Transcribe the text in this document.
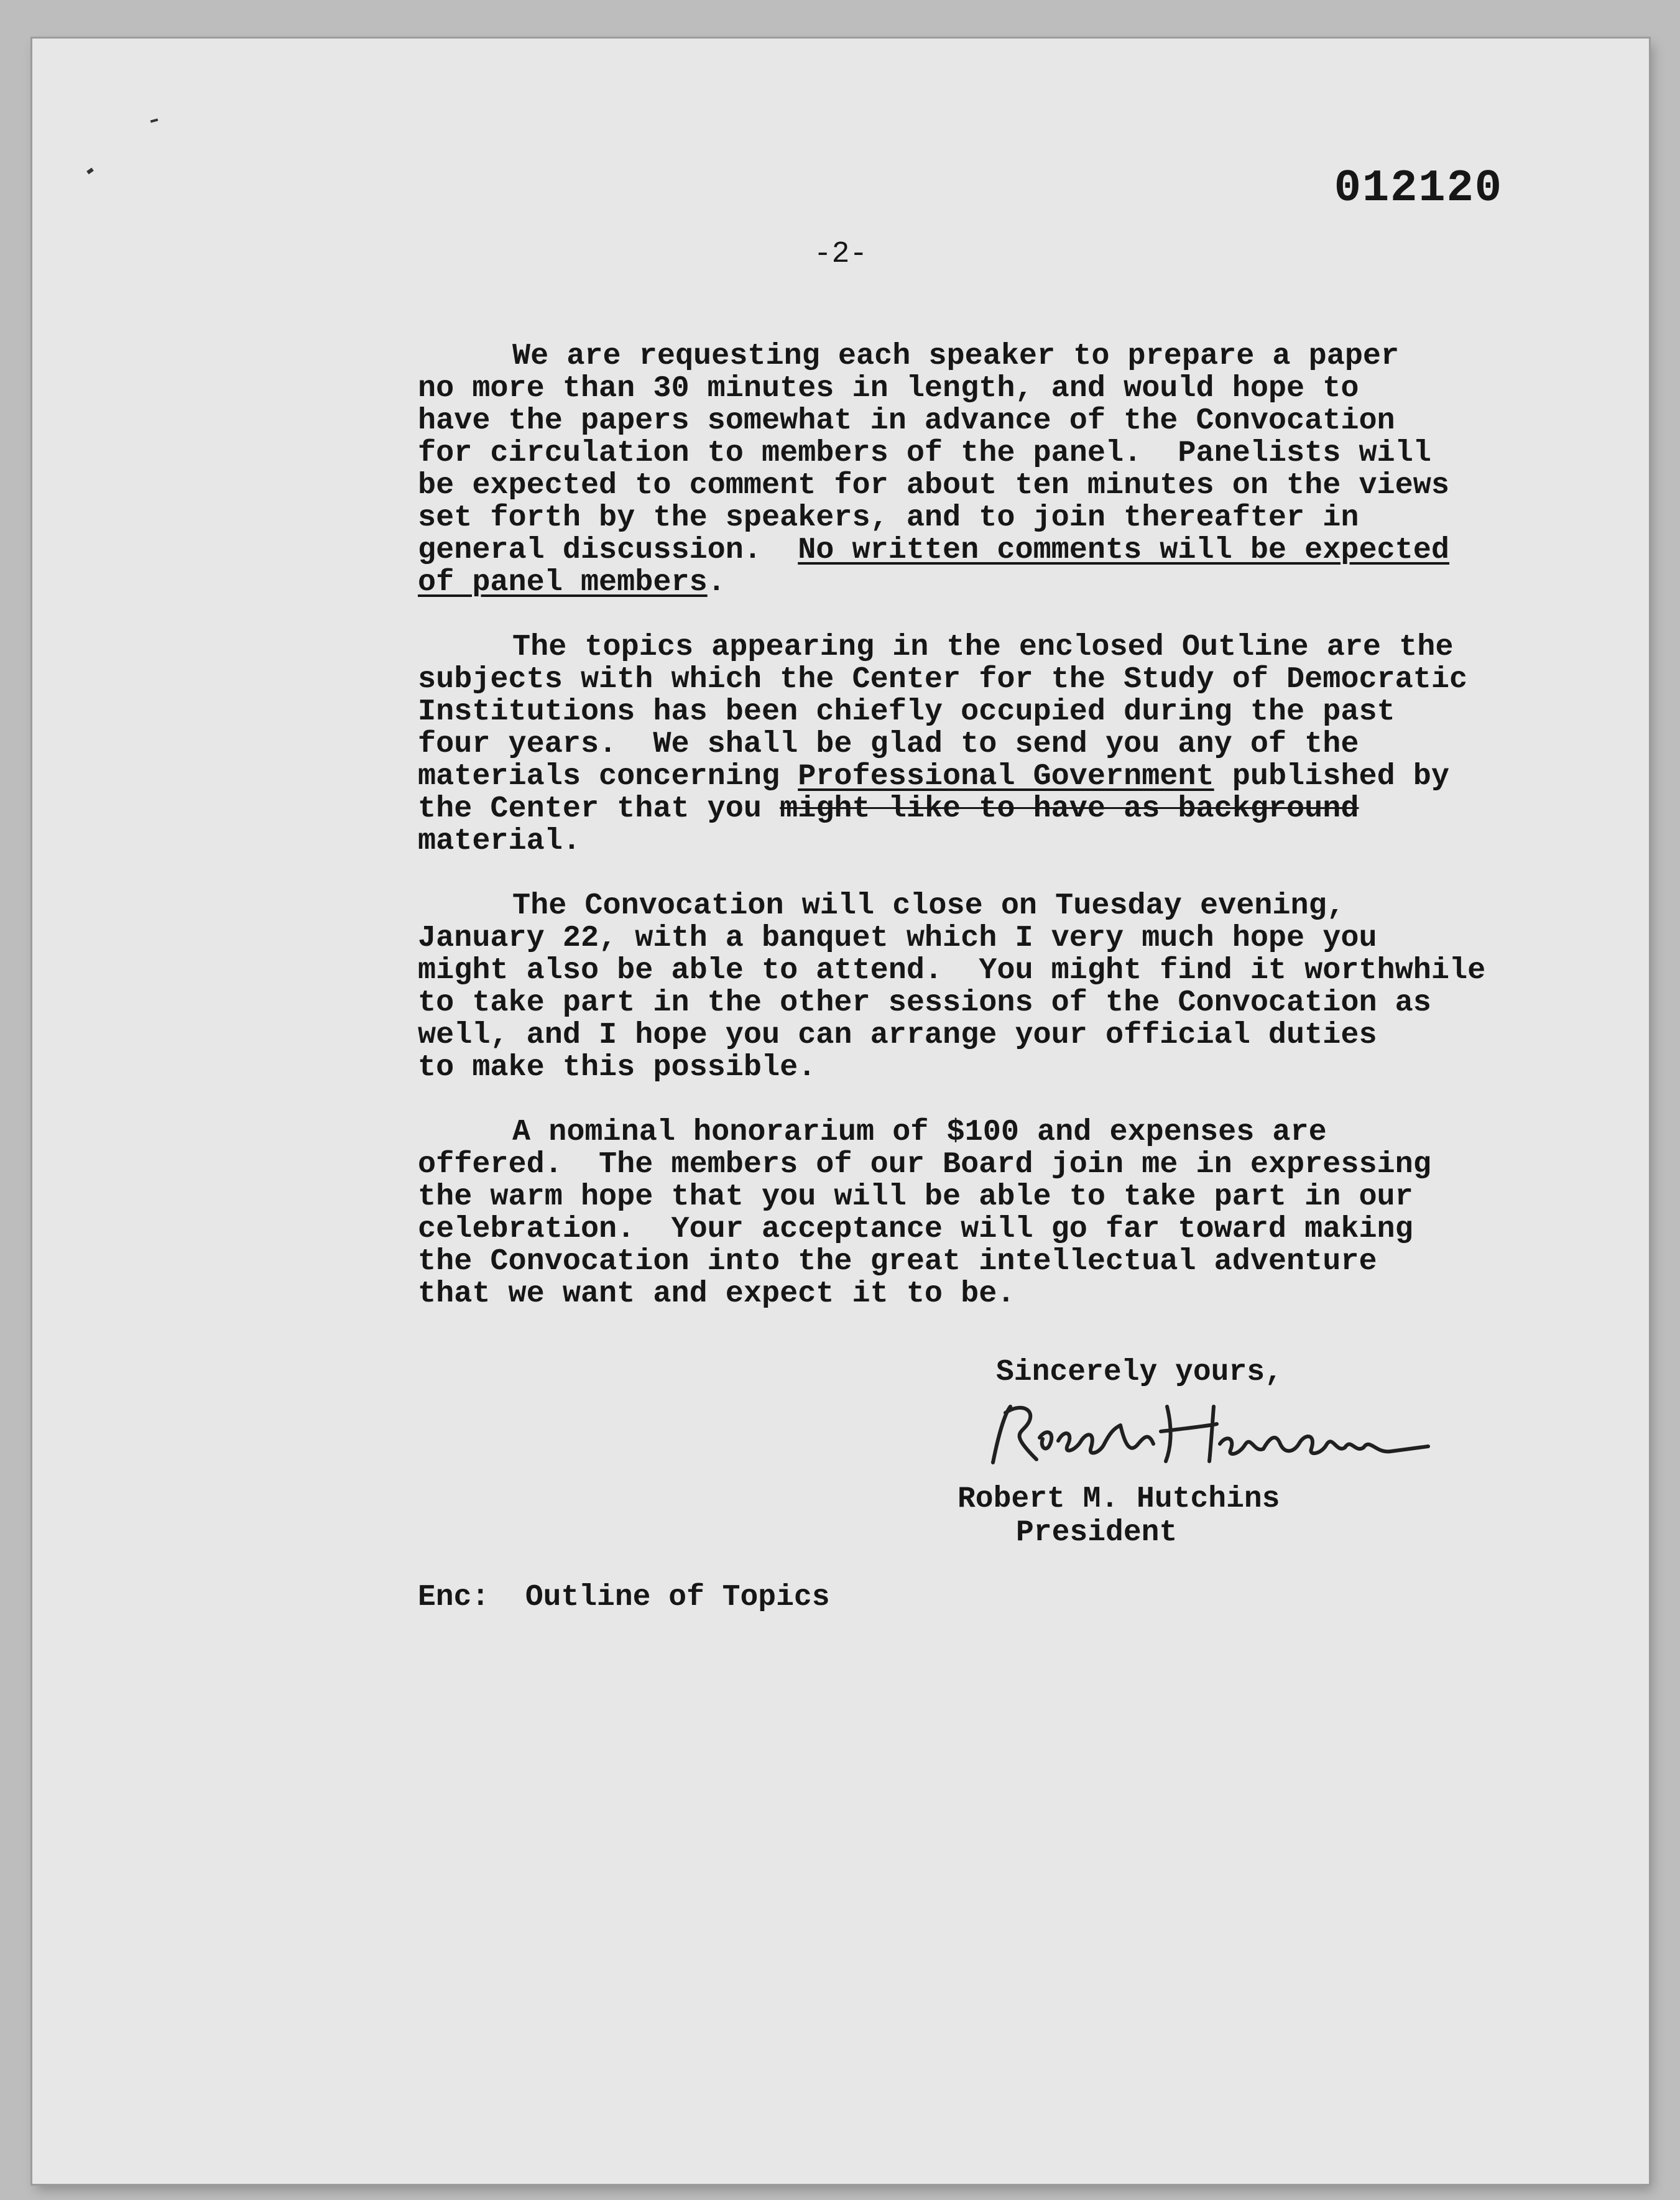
012120
-2-
We are requesting each speaker to prepare a paper
no more than 30 minutes in length, and would hope to
have the papers somewhat in advance of the Convocation
for circulation to members of the panel.  Panelists will
be expected to comment for about ten minutes on the views
set forth by the speakers, and to join thereafter in
general discussion.  No written comments will be expected
of panel members.
The topics appearing in the enclosed Outline are the
subjects with which the Center for the Study of Democratic
Institutions has been chiefly occupied during the past
four years.  We shall be glad to send you any of the
materials concerning Professional Government published by
the Center that you might like to have as background
material.
The Convocation will close on Tuesday evening,
January 22, with a banquet which I very much hope you
might also be able to attend.  You might find it worthwhile
to take part in the other sessions of the Convocation as
well, and I hope you can arrange your official duties
to make this possible.
A nominal honorarium of $100 and expenses are
offered.  The members of our Board join me in expressing
the warm hope that you will be able to take part in our
celebration.  Your acceptance will go far toward making
the Convocation into the great intellectual adventure
that we want and expect it to be.
Sincerely yours,
Robert M. Hutchins
President
Enc:  Outline of Topics
